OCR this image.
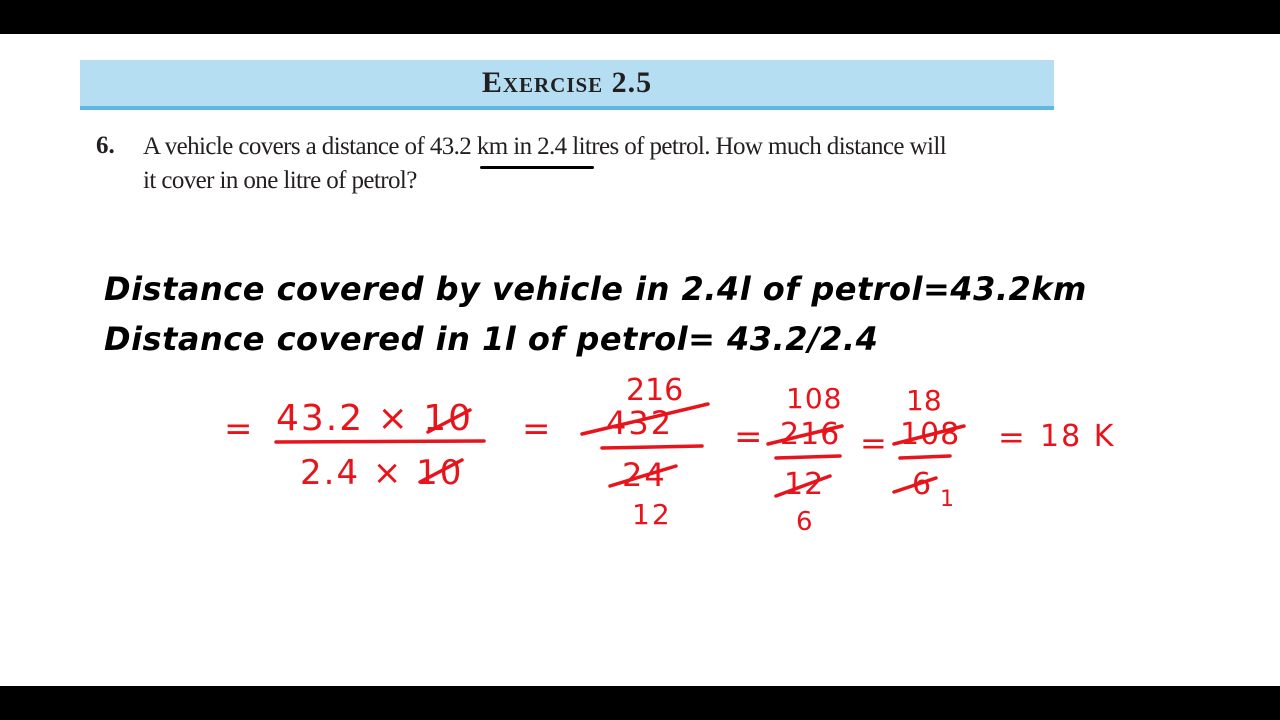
Exercise 2.5
6. A vehicle covers a distance of 43.2 km in 2.4 litres of petrol. How much distance will
it cover in one litre of petrol?
Distance covered by vehicle in 2.4l of petrol=43.2km
Distance covered in 1l of petrol= 43.2/2.4
= 43.2 × 10
2.4 × 10
=
216
432
24
12
=
108
216
12
6
=
18
108
6 1
= 18 K
